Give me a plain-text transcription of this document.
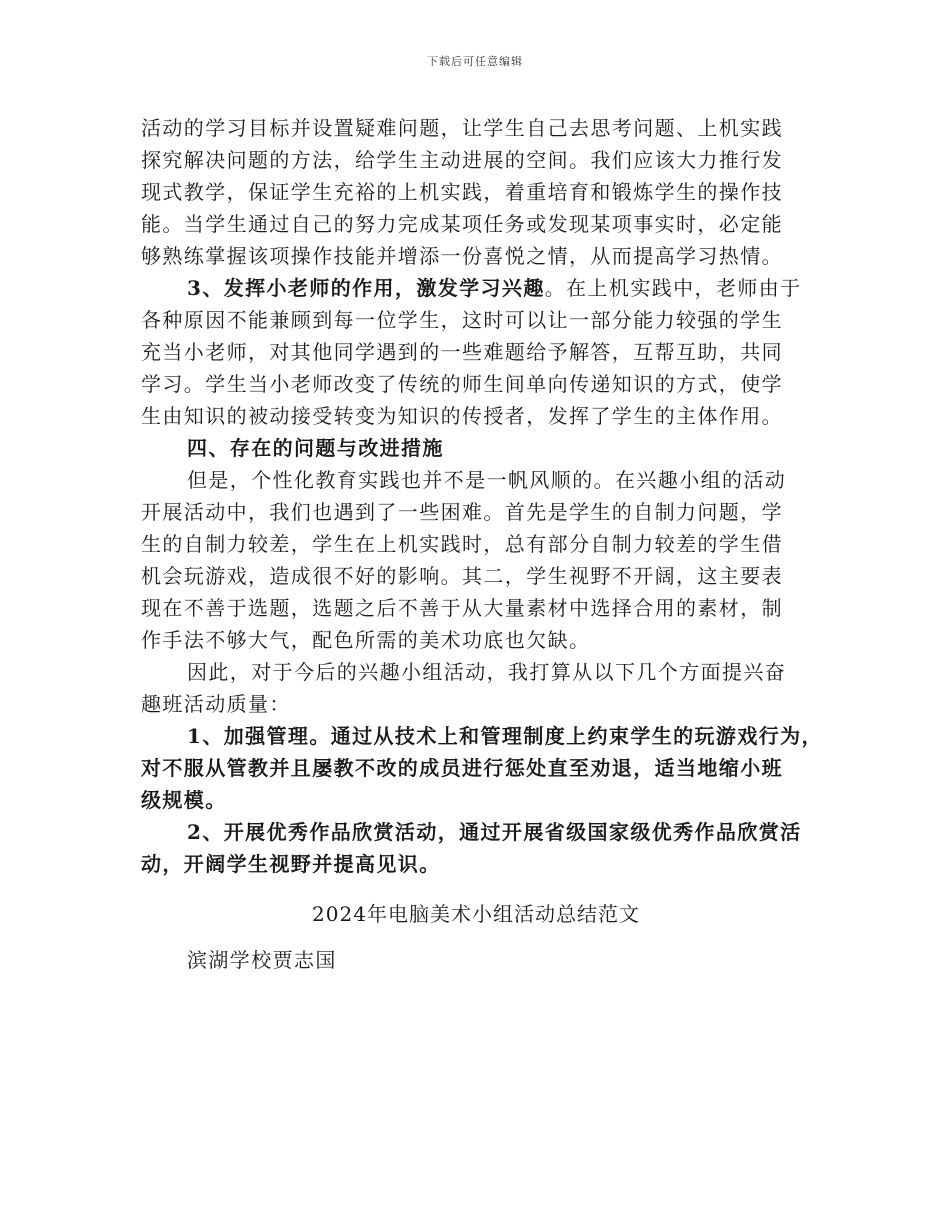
下载后可任意编辑
活动的学习目标并设置疑难问题，让学生自己去思考问题、上机实践
探究解决问题的方法，给学生主动进展的空间。我们应该大力推行发
现式教学，保证学生充裕的上机实践，着重培育和锻炼学生的操作技
能。当学生通过自己的努力完成某项任务或发现某项事实时，必定能
够熟练掌握该项操作技能并增添一份喜悦之情，从而提高学习热情。
3、发挥小老师的作用，激发学习兴趣。在上机实践中，老师由于
各种原因不能兼顾到每一位学生，这时可以让一部分能力较强的学生
充当小老师，对其他同学遇到的一些难题给予解答，互帮互助，共同
学习。学生当小老师改变了传统的师生间单向传递知识的方式，使学
生由知识的被动接受转变为知识的传授者，发挥了学生的主体作用。
四、存在的问题与改进措施
但是，个性化教育实践也并不是一帆风顺的。在兴趣小组的活动
开展活动中，我们也遇到了一些困难。首先是学生的自制力问题，学
生的自制力较差，学生在上机实践时，总有部分自制力较差的学生借
机会玩游戏，造成很不好的影响。其二，学生视野不开阔，这主要表
现在不善于选题，选题之后不善于从大量素材中选择合用的素材，制
作手法不够大气，配色所需的美术功底也欠缺。
因此，对于今后的兴趣小组活动，我打算从以下几个方面提兴奋
趣班活动质量：
1、加强管理。通过从技术上和管理制度上约束学生的玩游戏行为，
对不服从管教并且屡教不改的成员进行惩处直至劝退，适当地缩小班
级规模。
2、开展优秀作品欣赏活动，通过开展省级国家级优秀作品欣赏活
动，开阔学生视野并提高见识。
2024年电脑美术小组活动总结范文
滨湖学校贾志国
